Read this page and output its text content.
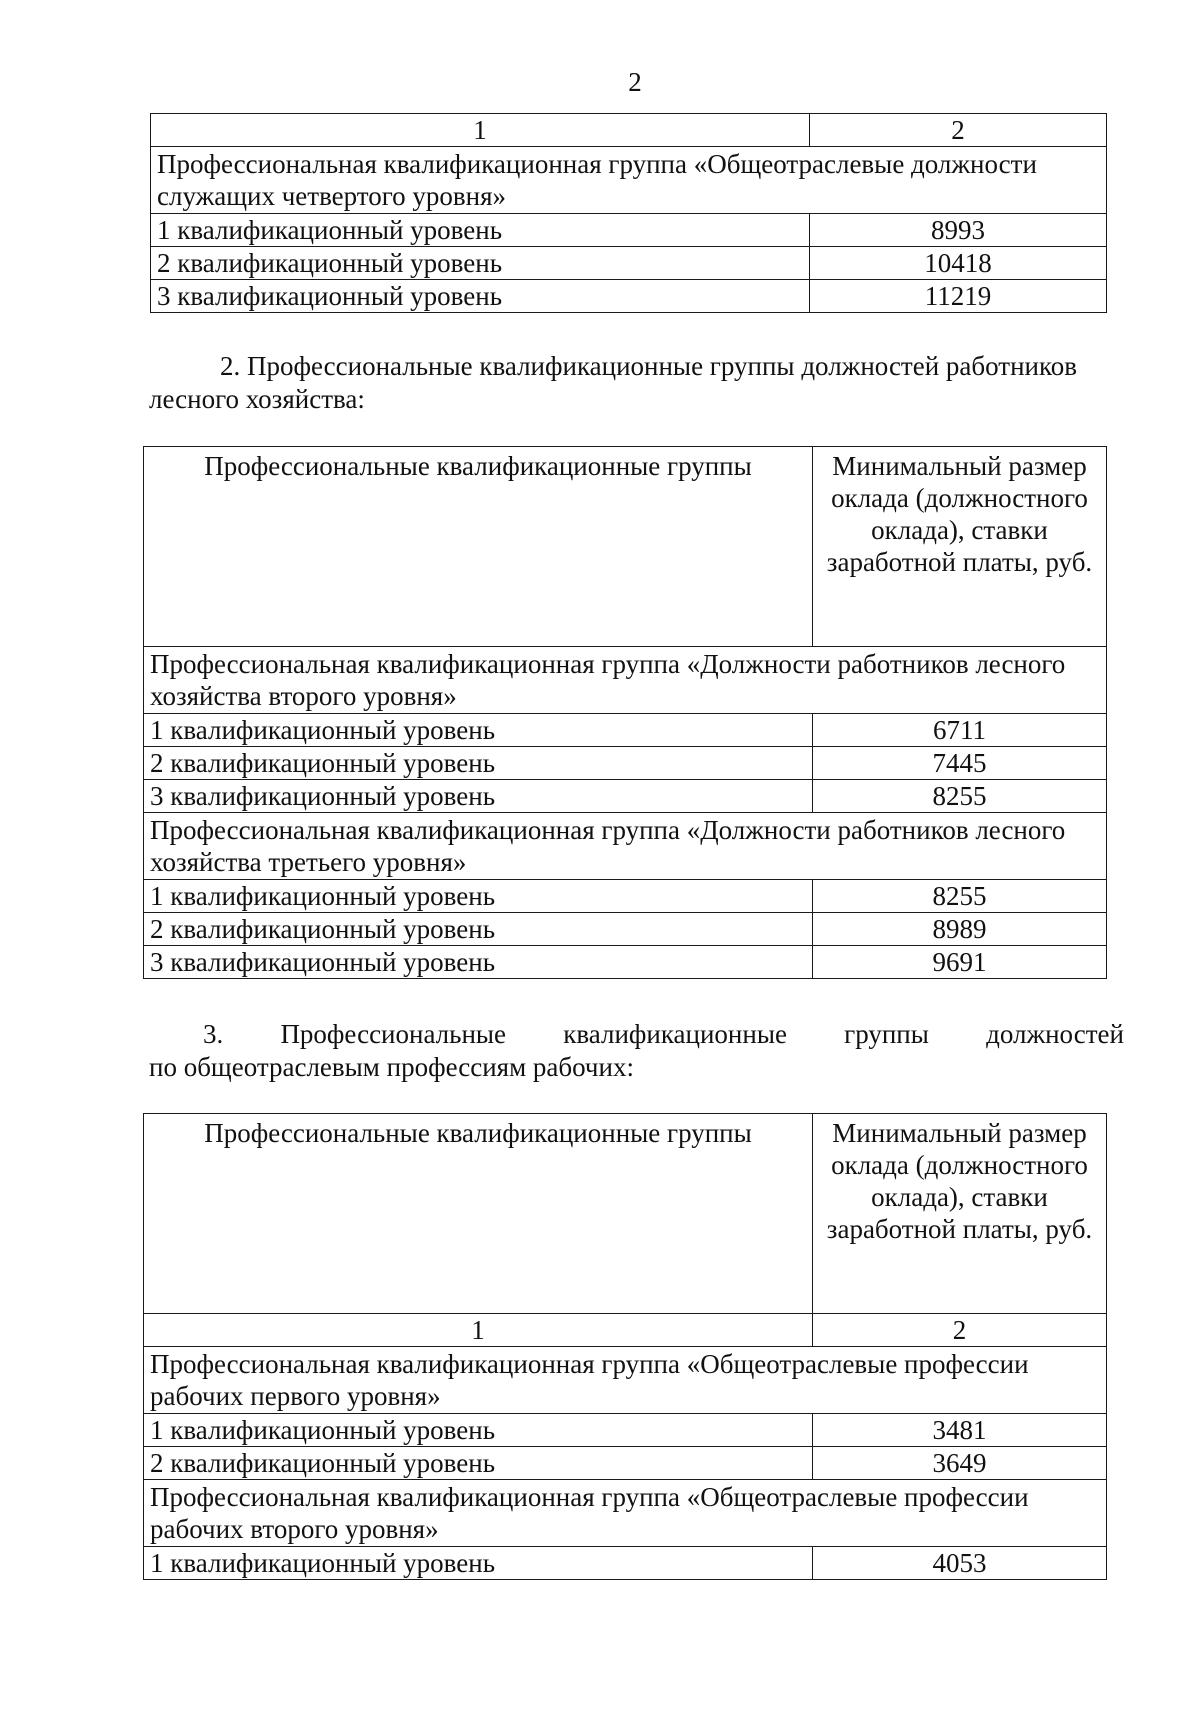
2
1	2
Профессиональная квалификационная группа «Общеотраслевые должности служащих четвертого уровня»	
1 квалификационный уровень	8993
2 квалификационный уровень	10418
3 квалификационный уровень	11219
2. Профессиональные квалификационные группы должностей работников лесного хозяйства:
Профессиональные квалификационные группы	Минимальный размер оклада (должностного оклада), ставки заработной платы, руб.
Профессиональная квалификационная группа «Должности работников лесного хозяйства второго уровня»	
1 квалификационный уровень	6711
2 квалификационный уровень	7445
3 квалификационный уровень	8255
Профессиональная квалификационная группа «Должности работников лесного хозяйства третьего уровня»	
1 квалификационный уровень	8255
2 квалификационный уровень	8989
3 квалификационный уровень	9691
3. Профессиональные квалификационные группы должностей
по общеотраслевым профессиям рабочих:
Профессиональные квалификационные группы	Минимальный размер оклада (должностного оклада), ставки заработной платы, руб.
1	2
Профессиональная квалификационная группа «Общеотраслевые профессии рабочих первого уровня»	
1 квалификационный уровень	3481
2 квалификационный уровень	3649
Профессиональная квалификационная группа «Общеотраслевые профессии рабочих второго уровня»	
1 квалификационный уровень	4053
